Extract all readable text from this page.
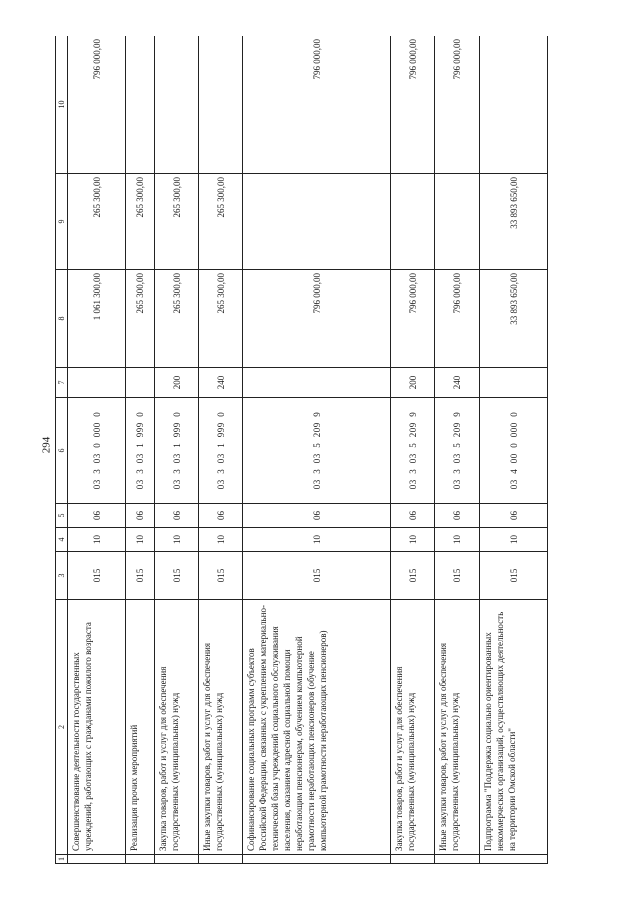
294
1	2	3	4	5	6	7	8	9	10
	Совершенствование деятельности государственных учреждений, работающих с гражданами пожилого возраста	015	10	06	03  3  03  0  000  0		1 061 300,00	265 300,00	796 000,00
	Реализация прочих мероприятий	015	10	06	03  3  03  1  999  0		265 300,00	265 300,00	
	Закупка товаров, работ и услуг для обеспечения государственных (муниципальных) нужд	015	10	06	03  3  03  1  999  0	200	265 300,00	265 300,00	
	Иные закупки товаров, работ и услуг для обеспечения государственных (муниципальных) нужд	015	10	06	03  3  03  1  999  0	240	265 300,00	265 300,00	
	Софинансирование социальных программ субъектов Российской Федерации, связанных с укреплением материально-технической базы учреждений социального обслуживания населения, оказанием адресной социальной помощи неработающим пенсионерам, обучением компьютерной грамотности неработающих пенсионеров (обучение компьютерной грамотности неработающих пенсионеров)	015	10	06	03  3  03  5  209  9		796 000,00		796 000,00
	Закупка товаров, работ и услуг для обеспечения государственных (муниципальных) нужд	015	10	06	03  3  03  5  209  9	200	796 000,00		796 000,00
	Иные закупки товаров, работ и услуг для обеспечения государственных (муниципальных) нужд	015	10	06	03  3  03  5  209  9	240	796 000,00		796 000,00
	Подпрограмма "Поддержка социально ориентированных некоммерческих организаций, осуществляющих деятельность на территории Омской области"	015	10	06	03  4  00  0  000  0		33 893 650,00	33 893 650,00	
